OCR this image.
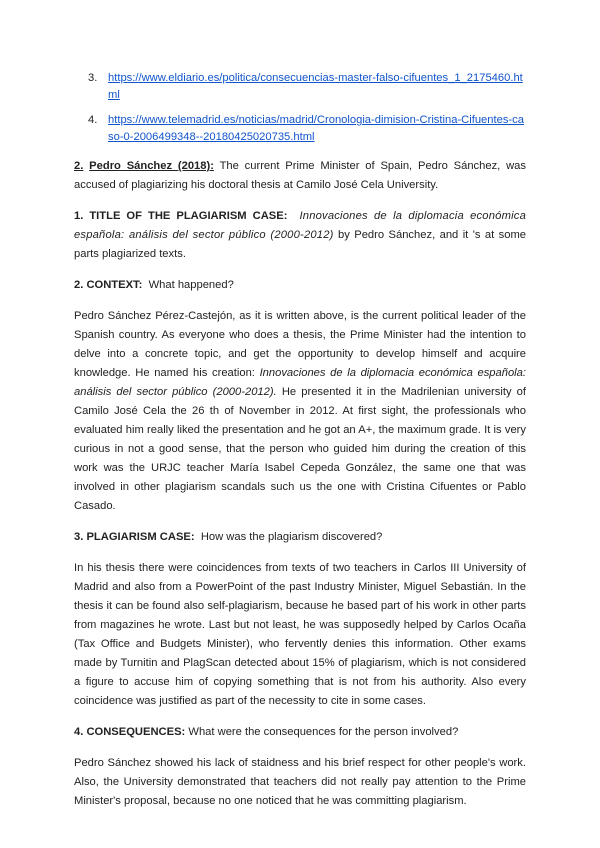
3. https://www.eldiario.es/politica/consecuencias-master-falso-cifuentes_1_2175460.html
4. https://www.telemadrid.es/noticias/madrid/Cronologia-dimision-Cristina-Cifuentes-caso-0-2006499348--20180425020735.html

2. Pedro Sánchez (2018): The current Prime Minister of Spain, Pedro Sánchez, was accused of plagiarizing his doctoral thesis at Camilo José Cela University.

1. TITLE OF THE PLAGIARISM CASE: Innovaciones de la diplomacia económica española: análisis del sector público (2000-2012) by Pedro Sánchez, and it 's at some parts plagiarized texts.

2. CONTEXT: What happened?

Pedro Sánchez Pérez-Castejón, as it is written above, is the current political leader of the Spanish country. As everyone who does a thesis, the Prime Minister had the intention to delve into a concrete topic, and get the opportunity to develop himself and acquire knowledge. He named his creation: Innovaciones de la diplomacia económica española: análisis del sector público (2000-2012). He presented it in the Madrilenian university of Camilo José Cela the 26 th of November in 2012. At first sight, the professionals who evaluated him really liked the presentation and he got an A+, the maximum grade. It is very curious in not a good sense, that the person who guided him during the creation of this work was the URJC teacher María Isabel Cepeda González, the same one that was involved in other plagiarism scandals such us the one with Cristina Cifuentes or Pablo Casado.

3. PLAGIARISM CASE: How was the plagiarism discovered?

In his thesis there were coincidences from texts of two teachers in Carlos III University of Madrid and also from a PowerPoint of the past Industry Minister, Miguel Sebastián. In the thesis it can be found also self-plagiarism, because he based part of his work in other parts from magazines he wrote. Last but not least, he was supposedly helped by Carlos Ocaña (Tax Office and Budgets Minister), who fervently denies this information. Other exams made by Turnitin and PlagScan detected about 15% of plagiarism, which is not considered a figure to accuse him of copying something that is not from his authority. Also every coincidence was justified as part of the necessity to cite in some cases.

4. CONSEQUENCES: What were the consequences for the person involved?

Pedro Sánchez showed his lack of staidness and his brief respect for other people's work. Also, the University demonstrated that teachers did not really pay attention to the Prime Minister's proposal, because no one noticed that he was committing plagiarism.
